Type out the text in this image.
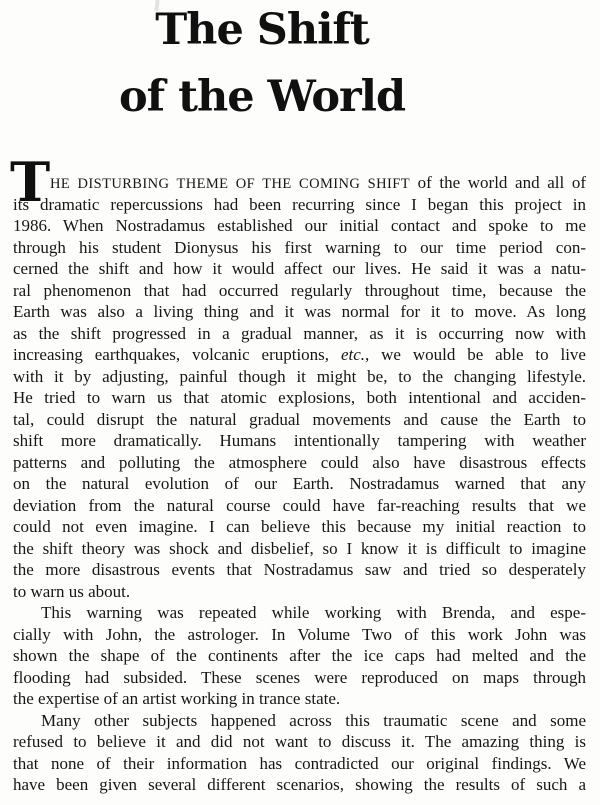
The Shift
of the World
T HE DISTURBING THEME OF THE COMING SHIFT of the world and all of
its dramatic repercussions had been recurring since I began this project in
1986. When Nostradamus established our initial contact and spoke to me
through his student Dionysus his first warning to our time period con-
cerned the shift and how it would affect our lives. He said it was a natu-
ral phenomenon that had occurred regularly throughout time, because the
Earth was also a living thing and it was normal for it to move. As long
as the shift progressed in a gradual manner, as it is occurring now with
increasing earthquakes, volcanic eruptions, etc., we would be able to live
with it by adjusting, painful though it might be, to the changing lifestyle.
He tried to warn us that atomic explosions, both intentional and acciden-
tal, could disrupt the natural gradual movements and cause the Earth to
shift more dramatically. Humans intentionally tampering with weather
patterns and polluting the atmosphere could also have disastrous effects
on the natural evolution of our Earth. Nostradamus warned that any
deviation from the natural course could have far-reaching results that we
could not even imagine. I can believe this because my initial reaction to
the shift theory was shock and disbelief, so I know it is difficult to imagine
the more disastrous events that Nostradamus saw and tried so desperately
to warn us about.
This warning was repeated while working with Brenda, and espe-
cially with John, the astrologer. In Volume Two of this work John was
shown the shape of the continents after the ice caps had melted and the
flooding had subsided. These scenes were reproduced on maps through
the expertise of an artist working in trance state.
Many other subjects happened across this traumatic scene and some
refused to believe it and did not want to discuss it. The amazing thing is
that none of their information has contradicted our original findings. We
have been given several different scenarios, showing the results of such a
